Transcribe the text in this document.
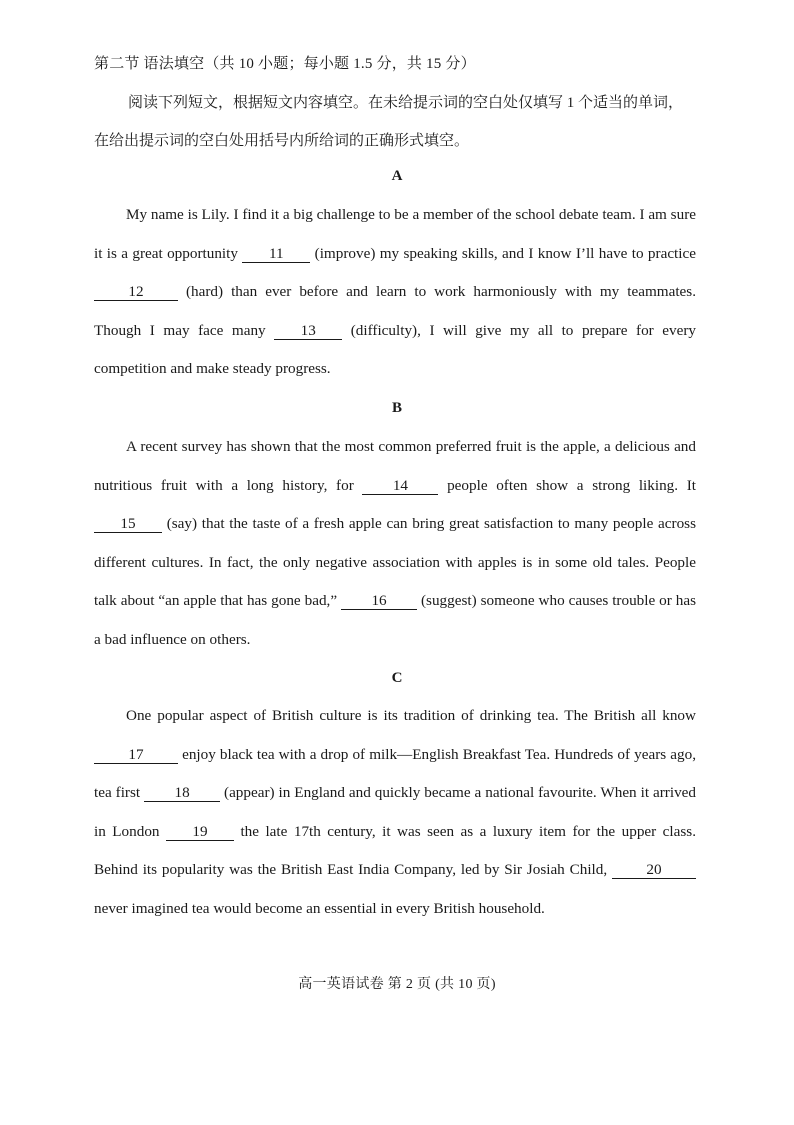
第二节 语法填空（共 10 小题；每小题 1.5 分，共 15 分）

阅读下列短文，根据短文内容填空。在未给提示词的空白处仅填写 1 个适当的单词，

在给出提示词的空白处用括号内所给词的正确形式填空。

A

My name is Lily. I find it a big challenge to be a member of the school debate team. I am sure it is a great opportunity 11 (improve) my speaking skills, and I know I’ll have to practice 12 (hard) than ever before and learn to work harmoniously with my teammates. Though I may face many 13 (difficulty), I will give my all to prepare for every competition and make steady progress.

B

A recent survey has shown that the most common preferred fruit is the apple, a delicious and nutritious fruit with a long history, for 14 people often show a strong liking. It 15 (say) that the taste of a fresh apple can bring great satisfaction to many people across different cultures. In fact, the only negative association with apples is in some old tales. People talk about “an apple that has gone bad,” 16 (suggest) someone who causes trouble or has a bad influence on others.

C

One popular aspect of British culture is its tradition of drinking tea. The British all know 17 enjoy black tea with a drop of milk—English Breakfast Tea. Hundreds of years ago, tea first 18 (appear) in England and quickly became a national favourite. When it arrived in London 19 the late 17th century, it was seen as a luxury item for the upper class. Behind its popularity was the British East India Company, led by Sir Josiah Child, 20 never imagined tea would become an essential in every British household.

高一英语试卷 第 2 页 (共 10 页)
